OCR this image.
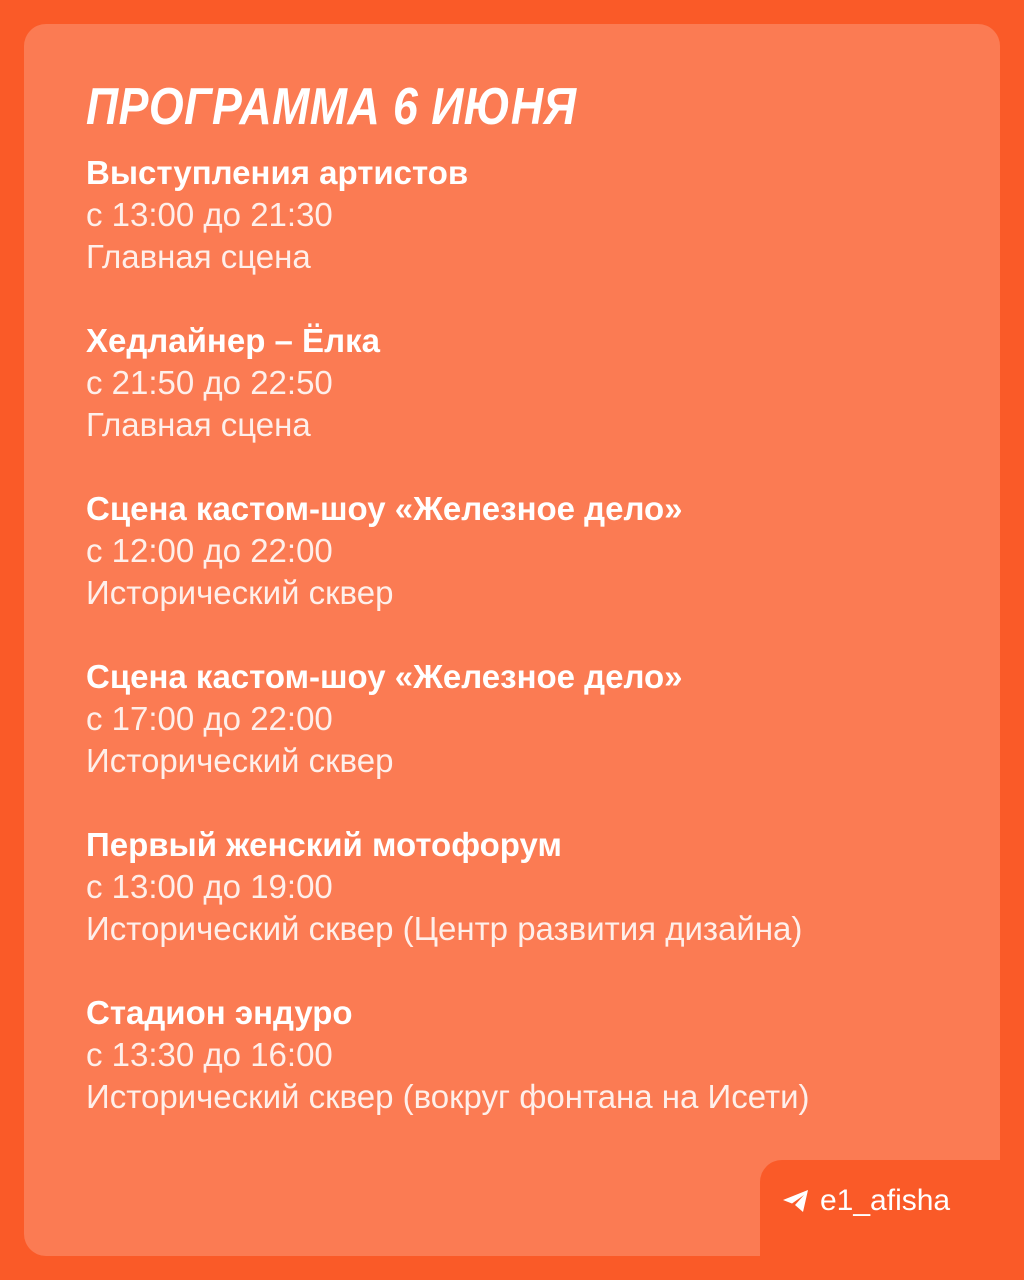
ПРОГРАММА 6 ИЮНЯ
Выступления артистов
с 13:00 до 21:30
Главная сцена
Хедлайнер – Ёлка
с 21:50 до 22:50
Главная сцена
Сцена кастом-шоу «Железное дело»
с 12:00 до 22:00
Исторический сквер
Сцена кастом-шоу «Железное дело»
с 17:00 до 22:00
Исторический сквер
Первый женский мотофорум
с 13:00 до 19:00
Исторический сквер (Центр развития дизайна)
Стадион эндуро
с 13:30 до 16:00
Исторический сквер (вокруг фонтана на Исети)
e1_afisha
